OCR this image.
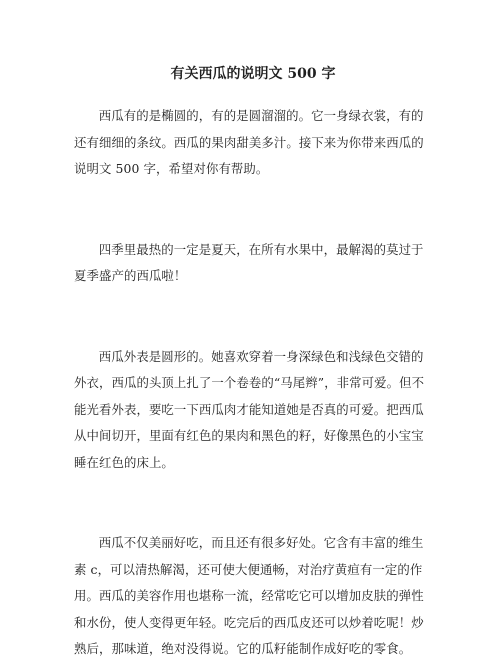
有关西瓜的说明文 500 字

西瓜有的是椭圆的，有的是圆溜溜的。它一身绿衣裳，有的还有细细的条纹。西瓜的果肉甜美多汁。接下来为你带来西瓜的说明文 500 字，希望对你有帮助。

四季里最热的一定是夏天，在所有水果中，最解渴的莫过于夏季盛产的西瓜啦！

西瓜外表是圆形的。她喜欢穿着一身深绿色和浅绿色交错的外衣，西瓜的头顶上扎了一个卷卷的“马尾辫”，非常可爱。但不能光看外表，要吃一下西瓜肉才能知道她是否真的可爱。把西瓜从中间切开，里面有红色的果肉和黑色的籽，好像黑色的小宝宝睡在红色的床上。

西瓜不仅美丽好吃，而且还有很多好处。它含有丰富的维生素 c，可以清热解渴，还可使大便通畅，对治疗黄疸有一定的作用。西瓜的美容作用也堪称一流，经常吃它可以增加皮肤的弹性和水份，使人变得更年轻。吃完后的西瓜皮还可以炒着吃呢！炒熟后，那味道，绝对没得说。它的瓜籽能制作成好吃的零食。
